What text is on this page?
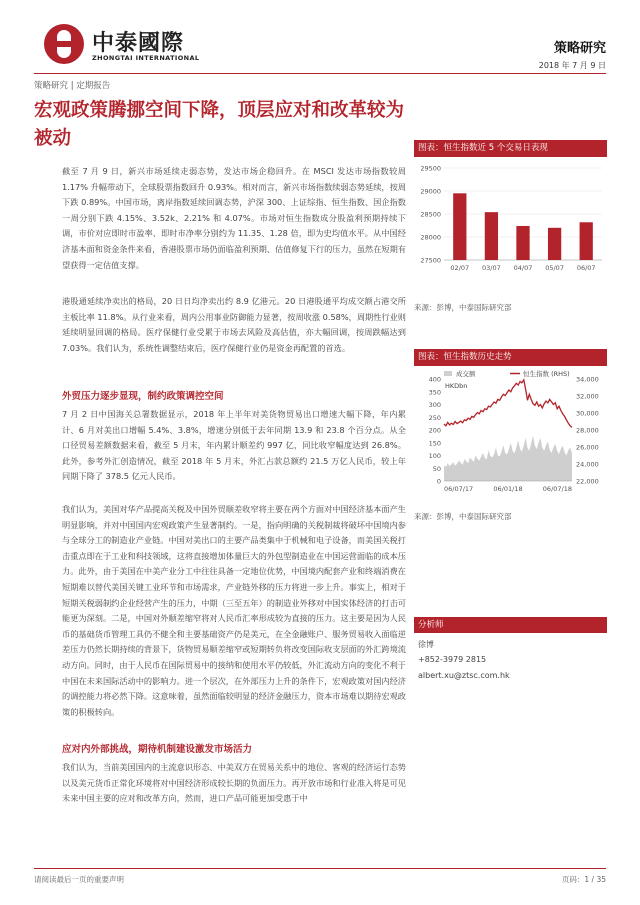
中泰國際
ZHONGTAI INTERNATIONAL
策略研究
2018 年 7 月 9 日
策略研究 | 定期报告
宏观政策腾挪空间下降，顶层应对和改革较为被动
截至 7 月 9 日，新兴市场延续走弱态势，发达市场企稳回升。在 MSCI 发达市场指数较周 1.17% 升幅带动下，全球股票指数回升 0.93%。相对而言，新兴市场指数续弱态势延续，按周下跌 0.89%。中国市场，离岸指数延续回调态势，沪深 300、上证综指、恒生指数、国企指数一周分别下跌 4.15%、3.52k、2.21% 和 4.07%。市场对恒生指数成分股盈利预期持续下调，市价对应即时市盈率、即时市净率分别约为 11.35、1.28 倍，即为史均值水平。从中国经济基本面和资金条件来看，香港股票市场仍面临盈利预期、估值修复下行的压力，虽然在短期有望获得一定估值支撑。
港股通延续净卖出的格局，20 日日均净卖出约 8.9 亿港元。20 日港股通平均成交额占港交所主板比率 11.8%。从行业来看，周内公用事业防御能力显著，按周收涨 0.58%，周期性行业则延续明显回调的格局。医疗保健行业受累于市场去风险及高估值，亦大幅回调，按周跌幅达到 7.03%。我们认为，系统性调整结束后，医疗保健行业仍是资金再配置的首选。
外贸压力逐步显现，制约政策调控空间
7 月 2 日中国海关总署数据显示，2018 年上半年对美货物贸易出口增速大幅下降，年内累计、6 月对美出口增幅 5.4%、3.8%，增速分别低于去年同期 13.9 和 23.8 个百分点。从全口径贸易差额数据来看，截至 5 月末，年内累计顺差约 997 亿，同比收窄幅度达到 26.8%。此外，参考外汇创造情况，截至 2018 年 5 月末，外汇占款总额约 21.5 万亿人民币，较上年同期下降了 378.5 亿元人民币。
我们认为，美国对华产品提高关税及中国外贸顺差收窄将主要在两个方面对中国经济基本面产生明显影响，并对中国国内宏观政策产生显著制约。一是，指向明确的关税制裁将破坏中国境内参与全球分工的制造业产业链。中国对美出口的主要产品类集中于机械和电子设备，而美国关税打击重点即在于工业和科技领域，这将直接增加体量巨大的外包型制造业在中国运营面临的成本压力。此外，由于美国在中美产业分工中往往具备一定地位优势，中国境内配套产业和终端消费在短期难以替代美国关键工业环节和市场需求，产业链外移的压力将进一步上升。事实上，相对于短期关税弱制约企业经营产生的压力，中期（三至五年）的制造业外移对中国实体经济的打击可能更为深刻。二是，中国对外顺差缩窄将对人民币汇率形成较为直接的压力。这主要是因为人民币的基础货币管理工具仍不健全和主要基础资产仍是美元，在全金融账户、服务贸易收入面临逆差压力仍然长期持续的背景下，货物贸易顺差缩窄或短期转负将改变国际收支层面的外汇跨境流动方向。同时，由于人民币在国际贸易中的接纳和使用水平仍较低，外汇流动方向的变化不利于中国在未来国际活动中的影响力。进一个层次，在外部压力上升的条件下，宏观政策对国内经济的调控能力将必然下降。这意味着，虽然面临较明显的经济金融压力，资本市场难以期待宏观政策的积极转向。
应对内外部挑战，期待机制建设激发市场活力
我们认为，当前美国国内的主流意识形态、中美双方在贸易关系中的地位、客观的经济运行态势以及美元货币正常化环境将对中国经济形成较长期的负面压力。再开放市场和行业准入将是可见未来中国主要的应对和改革方向，然而，进口产品可能更加受惠于中
图表：恒生指数近 5 个交易日表现
27500
28000
28500
29000
29500
02/07 03/07 04/07 05/07 06/07
来源：彭博，中泰国际研究部
图表：恒生指数历史走势
成交额	恒生指数 (RHS)
HKDbn
0
50
100
150
200
250
300
350
400
22,000
24,000
26,000
28,000
30,000
32,000
34,000
06/07/17	06/01/18	06/07/18
来源：彭博，中泰国际研究部
分析师
徐博
+852-3979 2815
albert.xu@ztsc.com.hk
请阅读最后一页的重要声明	页码：1 / 35
